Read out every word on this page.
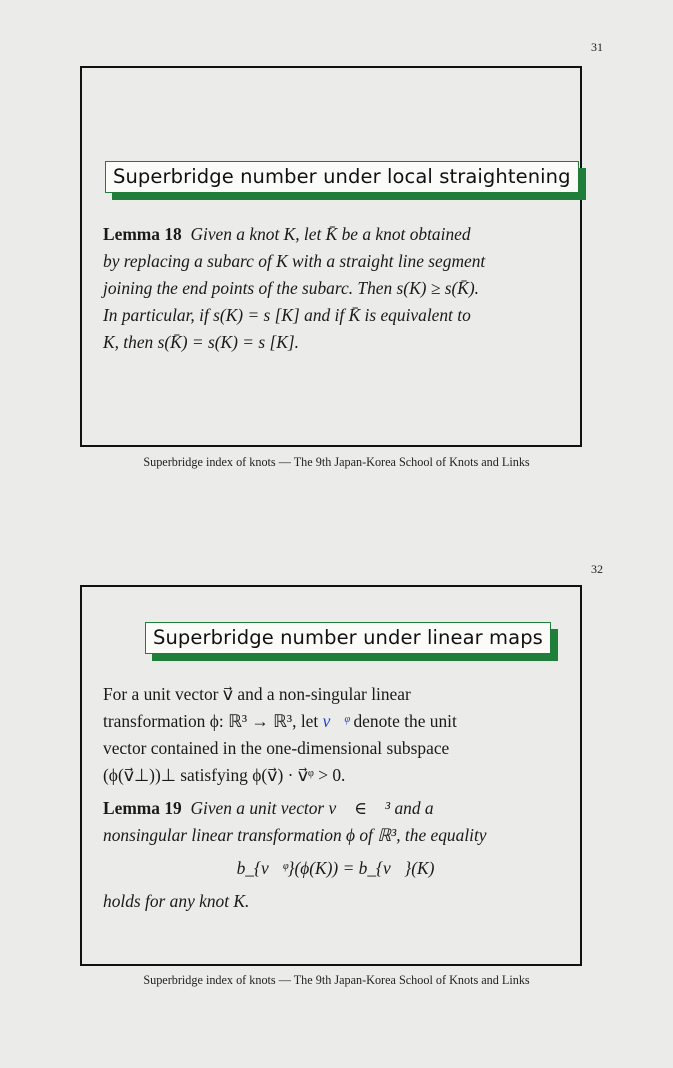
31
Superbridge number under local straightening

Lemma 18 Given a knot K, let K̄ be a knot obtained

by replacing a subarc of K with a straight line segment

joining the end points of the subarc. Then s(K) ≥ s(K̄).

In particular, if s(K) = s [K] and if K̄ is equivalent to

K, then s(K̄) = s(K) = s [K].

Superbridge index of knots — The 9th Japan-Korea School of Knots and Links
32
Superbridge number under linear maps

For a unit vector v⃗ and a non-singular linear

transformation ϕ: ℝ³ → ℝ³, let v⃗ᵠ denote the unit

vector contained in the one-dimensional subspace

(ϕ(v⃗⊥))⊥ satisfying ϕ(v⃗) · v⃗ᵠ > 0.

Lemma 19 Given a unit vector v⃗ ∈ ℝ³ and a

nonsingular linear transformation ϕ of ℝ³, the equality

b_{v⃗ᵠ}(ϕ(K)) = b_{v⃗}(K)

holds for any knot K.

Superbridge index of knots — The 9th Japan-Korea School of Knots and Links
